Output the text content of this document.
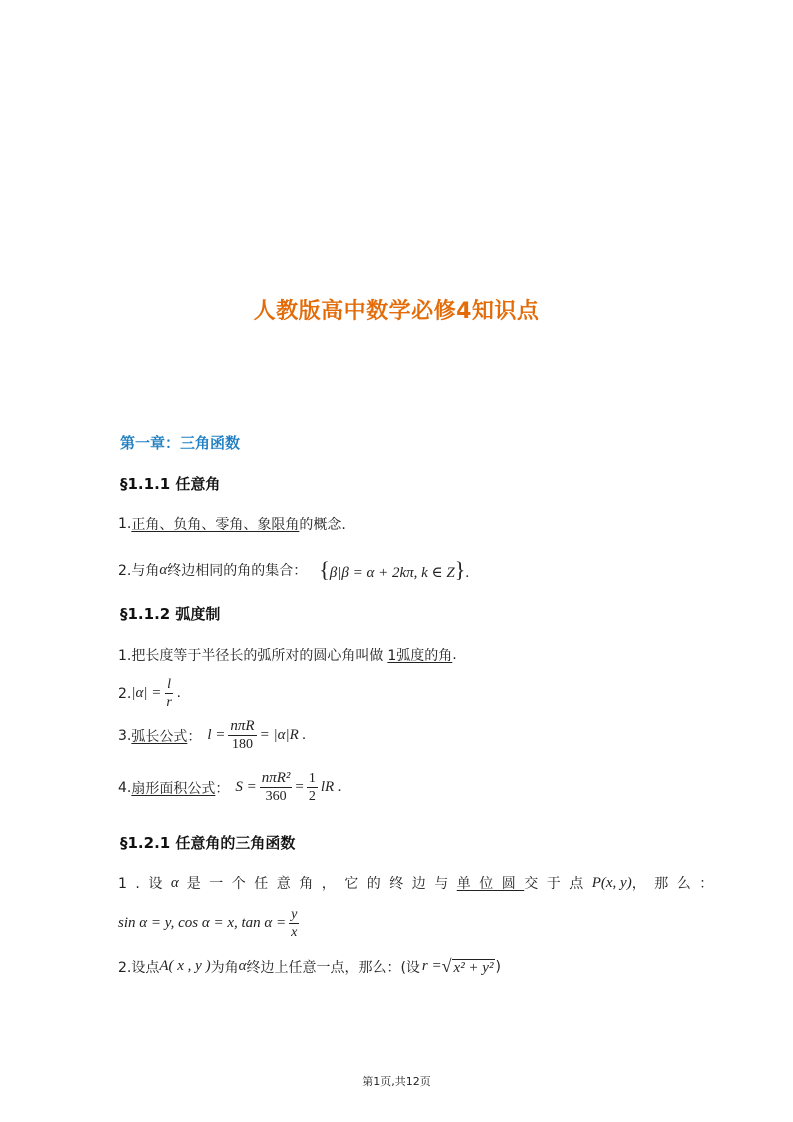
人教版高中数学必修4知识点
第一章：三角函数
§1.1.1 任意角
1. 正角、负角、零角、象限角 的概念.
2.与角 α 终边相同的角的集合： {β|β = α + 2kπ, k ∈ Z}.
§1.1.2 弧度制
1.把长度等于半径长的弧所对的圆心角叫做 1弧度的角 .
2. $|\alpha| = \frac{l}{r}$ .
3. 弧长公式 ： $l = \frac{\text{nπR}}{180} = |\alpha|R$ .
4. 扇形面积公式 ： $S = \frac{\text{nπR²}}{360} = \frac{1}{2}$ lR .
§1.2.1 任意角的三角函数
1.设 α 是一个任意角，它的终边与 单位圆 交于点 P(x, y) ，那么：
sin α = y, cos α = x, $\tan \alpha = \frac{y}{x}$
2.设点 A( x , y ) 为角 α 终边上任意一点，那么：(设 r = √ x² + y² )
第1页,共12页
